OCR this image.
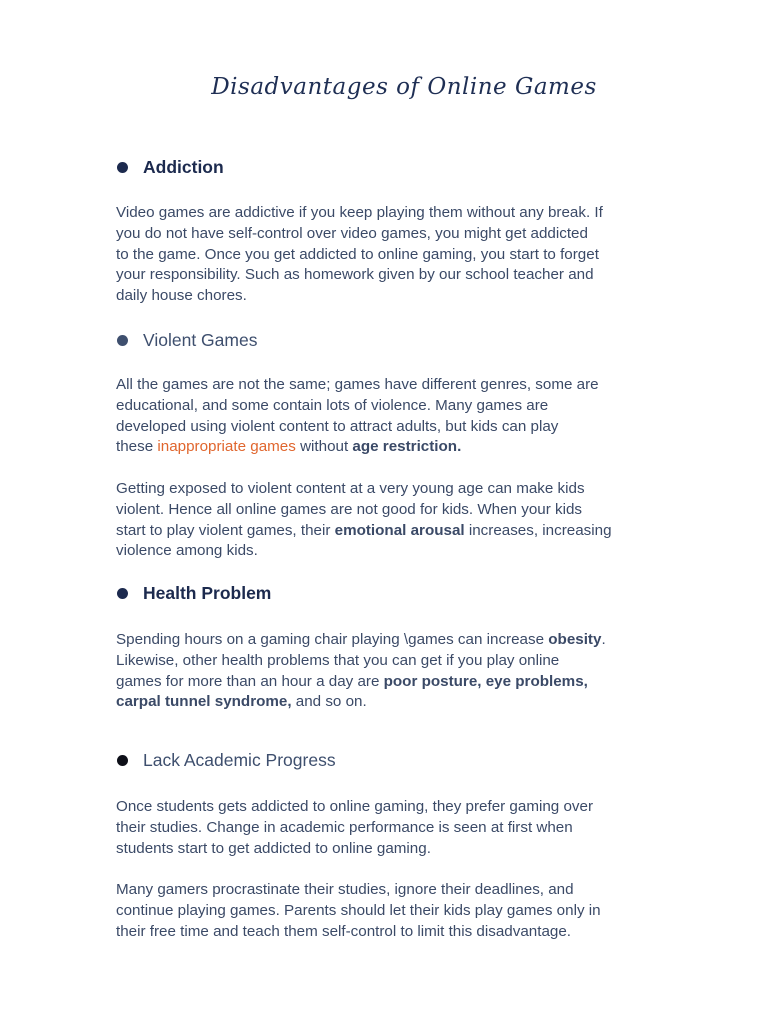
Disadvantages of Online Games
Addiction
Video games are addictive if you keep playing them without any break. If
you do not have self-control over video games, you might get addicted
to the game. Once you get addicted to online gaming, you start to forget
your responsibility. Such as homework given by our school teacher and
daily house chores.
Violent Games
All the games are not the same; games have different genres, some are
educational, and some contain lots of violence. Many games are
developed using violent content to attract adults, but kids can play
these inappropriate games without age restriction.
Getting exposed to violent content at a very young age can make kids
violent. Hence all online games are not good for kids. When your kids
start to play violent games, their emotional arousal increases, increasing
violence among kids.
Health Problem
Spending hours on a gaming chair playing \games can increase obesity.
Likewise, other health problems that you can get if you play online
games for more than an hour a day are poor posture, eye problems,
carpal tunnel syndrome, and so on.
Lack Academic Progress
Once students gets addicted to online gaming, they prefer gaming over
their studies. Change in academic performance is seen at first when
students start to get addicted to online gaming.
Many gamers procrastinate their studies, ignore their deadlines, and
continue playing games. Parents should let their kids play games only in
their free time and teach them self-control to limit this disadvantage.
